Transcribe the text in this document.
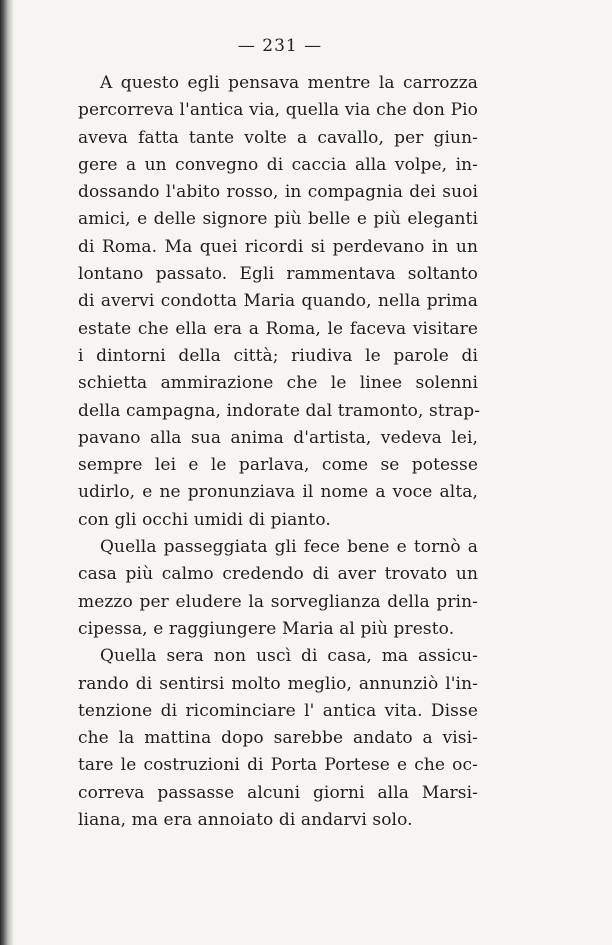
— 231 —
A questo egli pensava mentre la carrozza
percorreva l'antica via, quella via che don Pio
aveva fatta tante volte a cavallo, per giun-
gere a un convegno di caccia alla volpe, in-
dossando l'abito rosso, in compagnia dei suoi
amici, e delle signore più belle e più eleganti
di Roma. Ma quei ricordi si perdevano in un
lontano passato. Egli rammentava soltanto
di avervi condotta Maria quando, nella prima
estate che ella era a Roma, le faceva visitare
i dintorni della città; riudiva le parole di
schietta ammirazione che le linee solenni
della campagna, indorate dal tramonto, strap-
pavano alla sua anima d'artista, vedeva lei,
sempre lei e le parlava, come se potesse
udirlo, e ne pronunziava il nome a voce alta,
con gli occhi umidi di pianto.
Quella passeggiata gli fece bene e tornò a
casa più calmo credendo di aver trovato un
mezzo per eludere la sorveglianza della prin-
cipessa, e raggiungere Maria al più presto.
Quella sera non uscì di casa, ma assicu-
rando di sentirsi molto meglio, annunziò l'in-
tenzione di ricominciare l' antica vita. Disse
che la mattina dopo sarebbe andato a visi-
tare le costruzioni di Porta Portese e che oc-
correva passasse alcuni giorni alla Marsi-
liana, ma era annoiato di andarvi solo.
